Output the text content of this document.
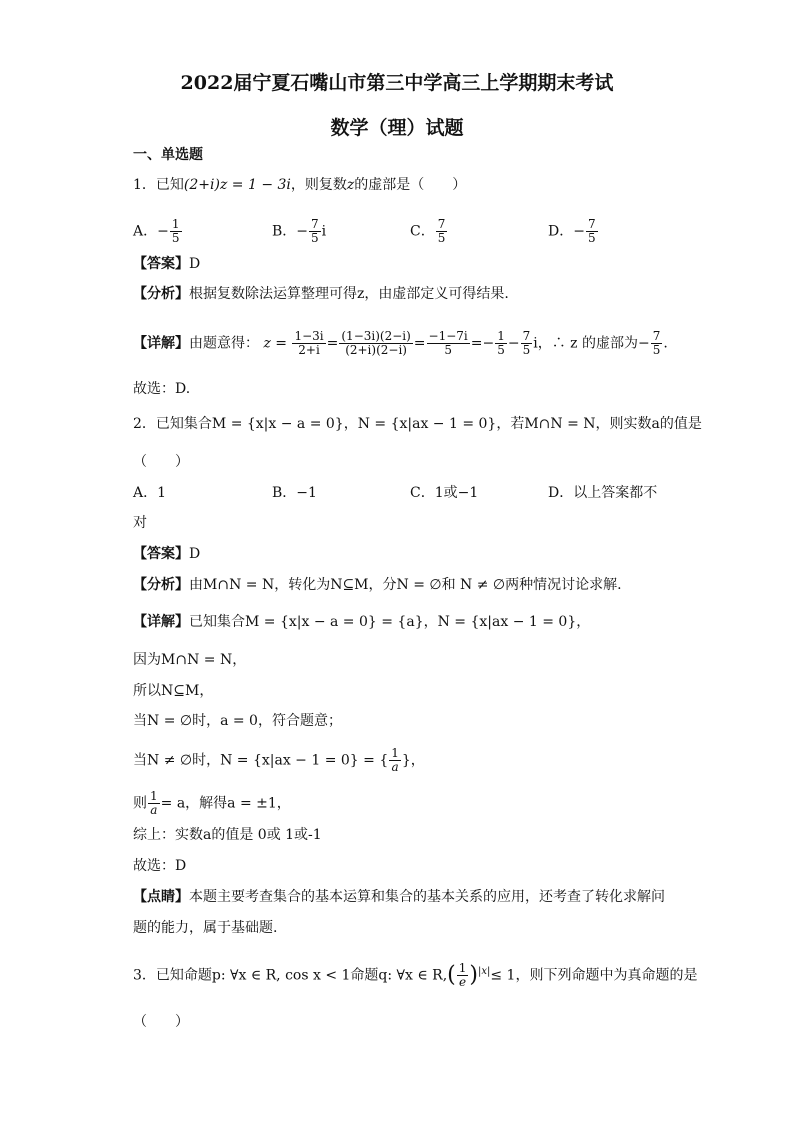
2022届宁夏石嘴山市第三中学高三上学期期末考试
数学（理）试题
一、单选题
1．已知(2+i)z = 1 − 3i，则复数z的虚部是（　　）
A．− $\frac{1}{5}$	B．− $\frac{7}{5}$ i	C． $\frac{7}{5}$	D．− $\frac{7}{5}$
【答案】D
【分析】根据复数除法运算整理可得z，由虚部定义可得结果.
【详解】由题意得： $z = \frac{1-3i}{2+i} = \frac{(1-3i)(2-i)}{(2+i)(2-i)} = \frac{-1-7i}{5} =- \frac{1}{5} - \frac{7}{5}$ i，∴ z 的虚部为− $\frac{7}{5}$ .
故选：D.
2．已知集合M = {x|x − a = 0}，N = {x|ax − 1 = 0}，若M∩N = N，则实数a的值是
（　　）
A．1	B．−1	C．1或−1	D．以上答案都不
对
【答案】D
【分析】由M∩N = N，转化为N⊆M，分N = ∅和 N ≠ ∅两种情况讨论求解.
【详解】已知集合M = {x|x − a = 0} = {a}，N = {x|ax − 1 = 0}，
因为M∩N = N，
所以N⊆M，
当N = ∅时，a = 0，符合题意；
当N ≠ ∅时，N = {x|ax − 1 = 0} = { $\frac{1}{a}$ }，
则 $\frac{1}{a} = a$，解得a = ±1，
综上：实数a的值是 0或 1或-1
故选：D
【点睛】本题主要考查集合的基本运算和集合的基本关系的应用，还考查了转化求解问
题的能力，属于基础题.
3．已知命题p: ∀x ∈ R, cos x < 1命题q: ∀x ∈ $R,( \frac{1}{e} )^{|x|}\le 1$，则下列命题中为真命题的是
（　　）
